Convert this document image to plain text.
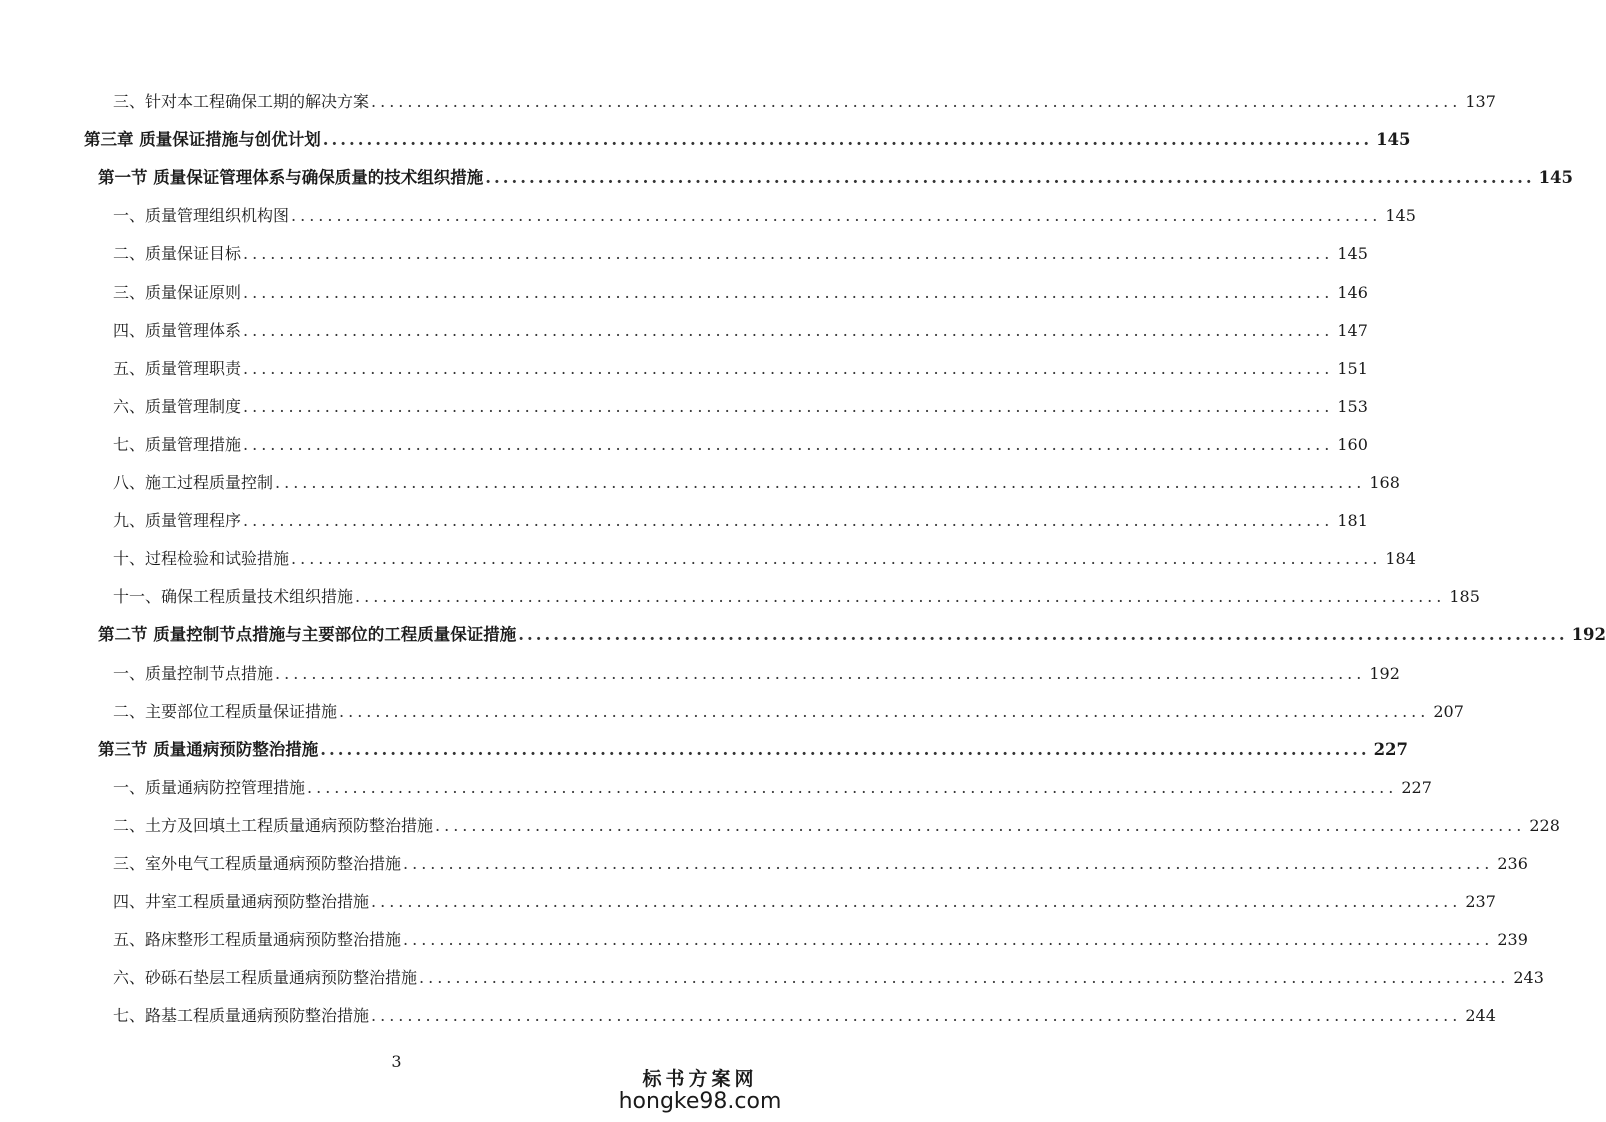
三、针对本工程确保工期的解决方案 ........................................................................................................................ 137
第三章 质量保证措施与创优计划 ........................................................................................................................ 145
第一节 质量保证管理体系与确保质量的技术组织措施 ........................................................................................................................ 145
一、质量管理组织机构图 ........................................................................................................................ 145
二、质量保证目标 ........................................................................................................................ 145
三、质量保证原则 ........................................................................................................................ 146
四、质量管理体系 ........................................................................................................................ 147
五、质量管理职责 ........................................................................................................................ 151
六、质量管理制度 ........................................................................................................................ 153
七、质量管理措施 ........................................................................................................................ 160
八、施工过程质量控制 ........................................................................................................................ 168
九、质量管理程序 ........................................................................................................................ 181
十、过程检验和试验措施 ........................................................................................................................ 184
十一、确保工程质量技术组织措施 ........................................................................................................................ 185
第二节 质量控制节点措施与主要部位的工程质量保证措施 ........................................................................................................................ 192
一、质量控制节点措施 ........................................................................................................................ 192
二、主要部位工程质量保证措施 ........................................................................................................................ 207
第三节 质量通病预防整治措施 ........................................................................................................................ 227
一、质量通病防控管理措施 ........................................................................................................................ 227
二、土方及回填土工程质量通病预防整治措施 ........................................................................................................................ 228
三、室外电气工程质量通病预防整治措施 ........................................................................................................................ 236
四、井室工程质量通病预防整治措施 ........................................................................................................................ 237
五、路床整形工程质量通病预防整治措施 ........................................................................................................................ 239
六、砂砾石垫层工程质量通病预防整治措施 ........................................................................................................................ 243
七、路基工程质量通病预防整治措施 ........................................................................................................................ 244
3
标书方案网
hongke98.com
